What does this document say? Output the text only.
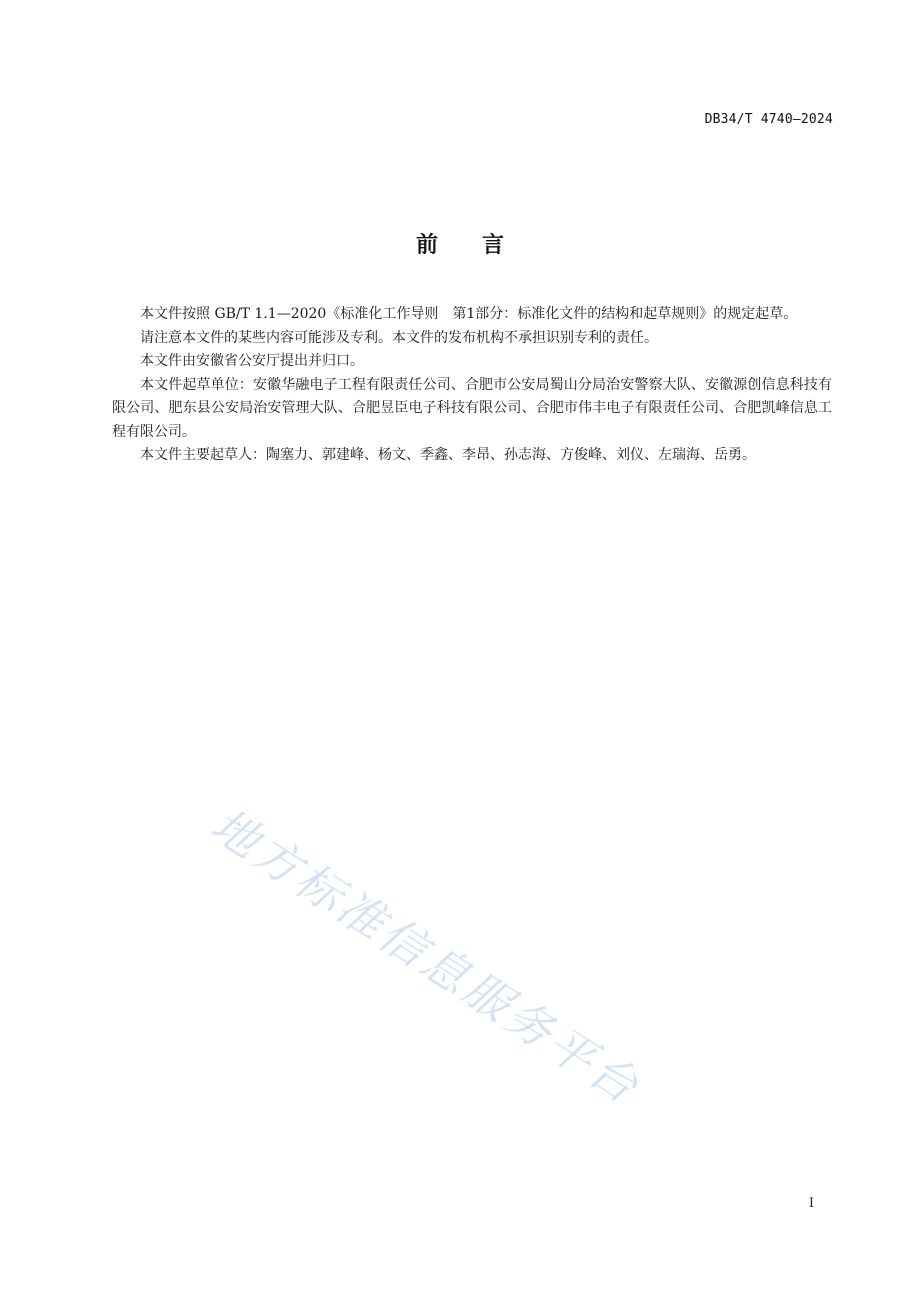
DB34/T 4740—2024
前言

本文件按照 GB/T 1.1—2020《标准化工作导则　第1部分：标准化文件的结构和起草规则》的规定起草。

请注意本文件的某些内容可能涉及专利。本文件的发布机构不承担识别专利的责任。

本文件由安徽省公安厅提出并归口。

本文件起草单位：安徽华融电子工程有限责任公司、合肥市公安局蜀山分局治安警察大队、安徽源创信息科技有限公司、肥东县公安局治安管理大队、合肥昱臣电子科技有限公司、合肥市伟丰电子有限责任公司、合肥凯峰信息工程有限公司。

本文件主要起草人：陶塞力、郭建峰、杨文、季鑫、李昂、孙志海、方俊峰、刘仪、左瑞海、岳勇。

地方标准信息服务平台
I
